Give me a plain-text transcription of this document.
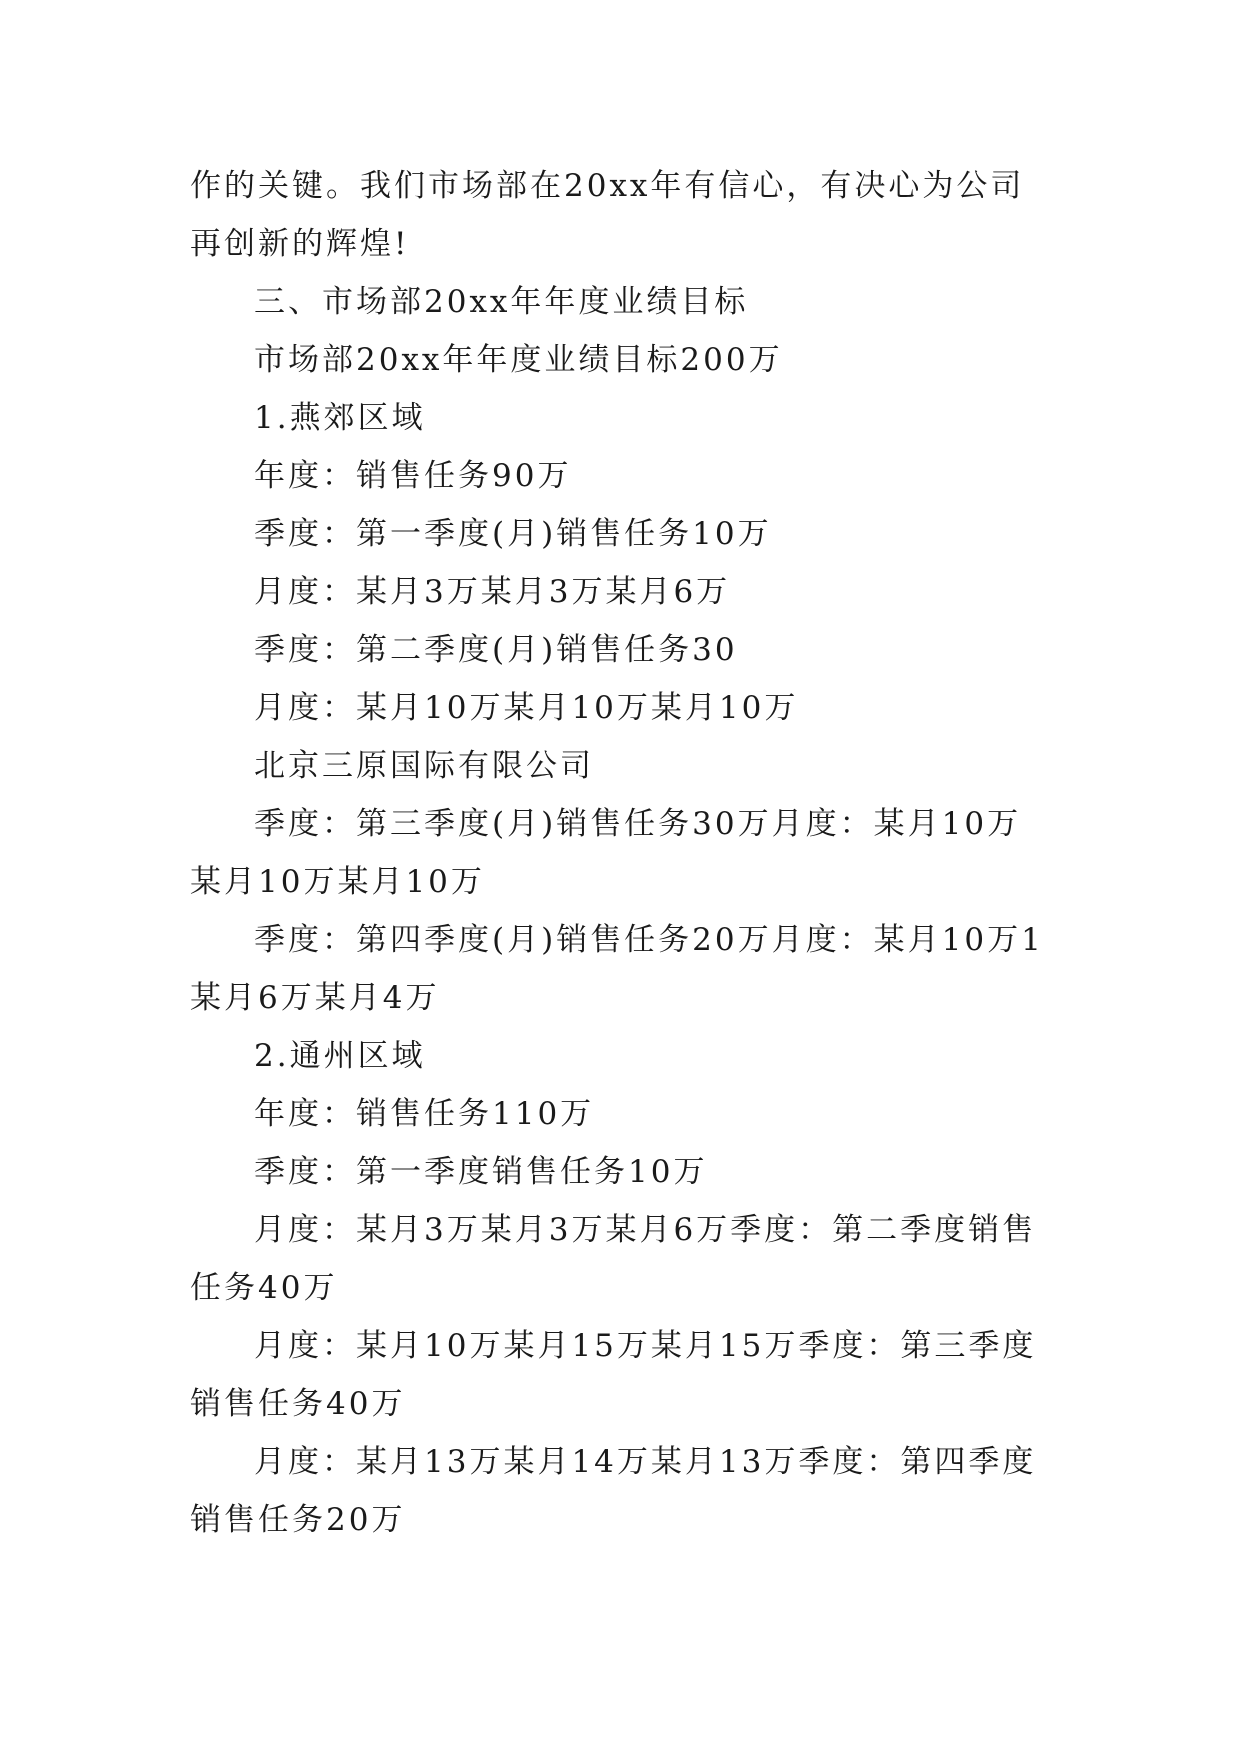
作的关键。我们市场部在20xx年有信心，有决心为公司再创新的辉煌!

三、市场部20xx年年度业绩目标

市场部20xx年年度业绩目标200万

1.燕郊区域

年度：销售任务90万

季度：第一季度(月)销售任务10万

月度：某月3万某月3万某月6万

季度：第二季度(月)销售任务30

月度：某月10万某月10万某月10万

北京三原国际有限公司

季度：第三季度(月)销售任务30万月度：某月10万某月10万某月10万

季度：第四季度(月)销售任务20万月度：某月10万1某月6万某月4万

2.通州区域

年度：销售任务110万

季度：第一季度销售任务10万

月度：某月3万某月3万某月6万季度：第二季度销售任务40万

月度：某月10万某月15万某月15万季度：第三季度销售任务40万

月度：某月13万某月14万某月13万季度：第四季度销售任务20万
